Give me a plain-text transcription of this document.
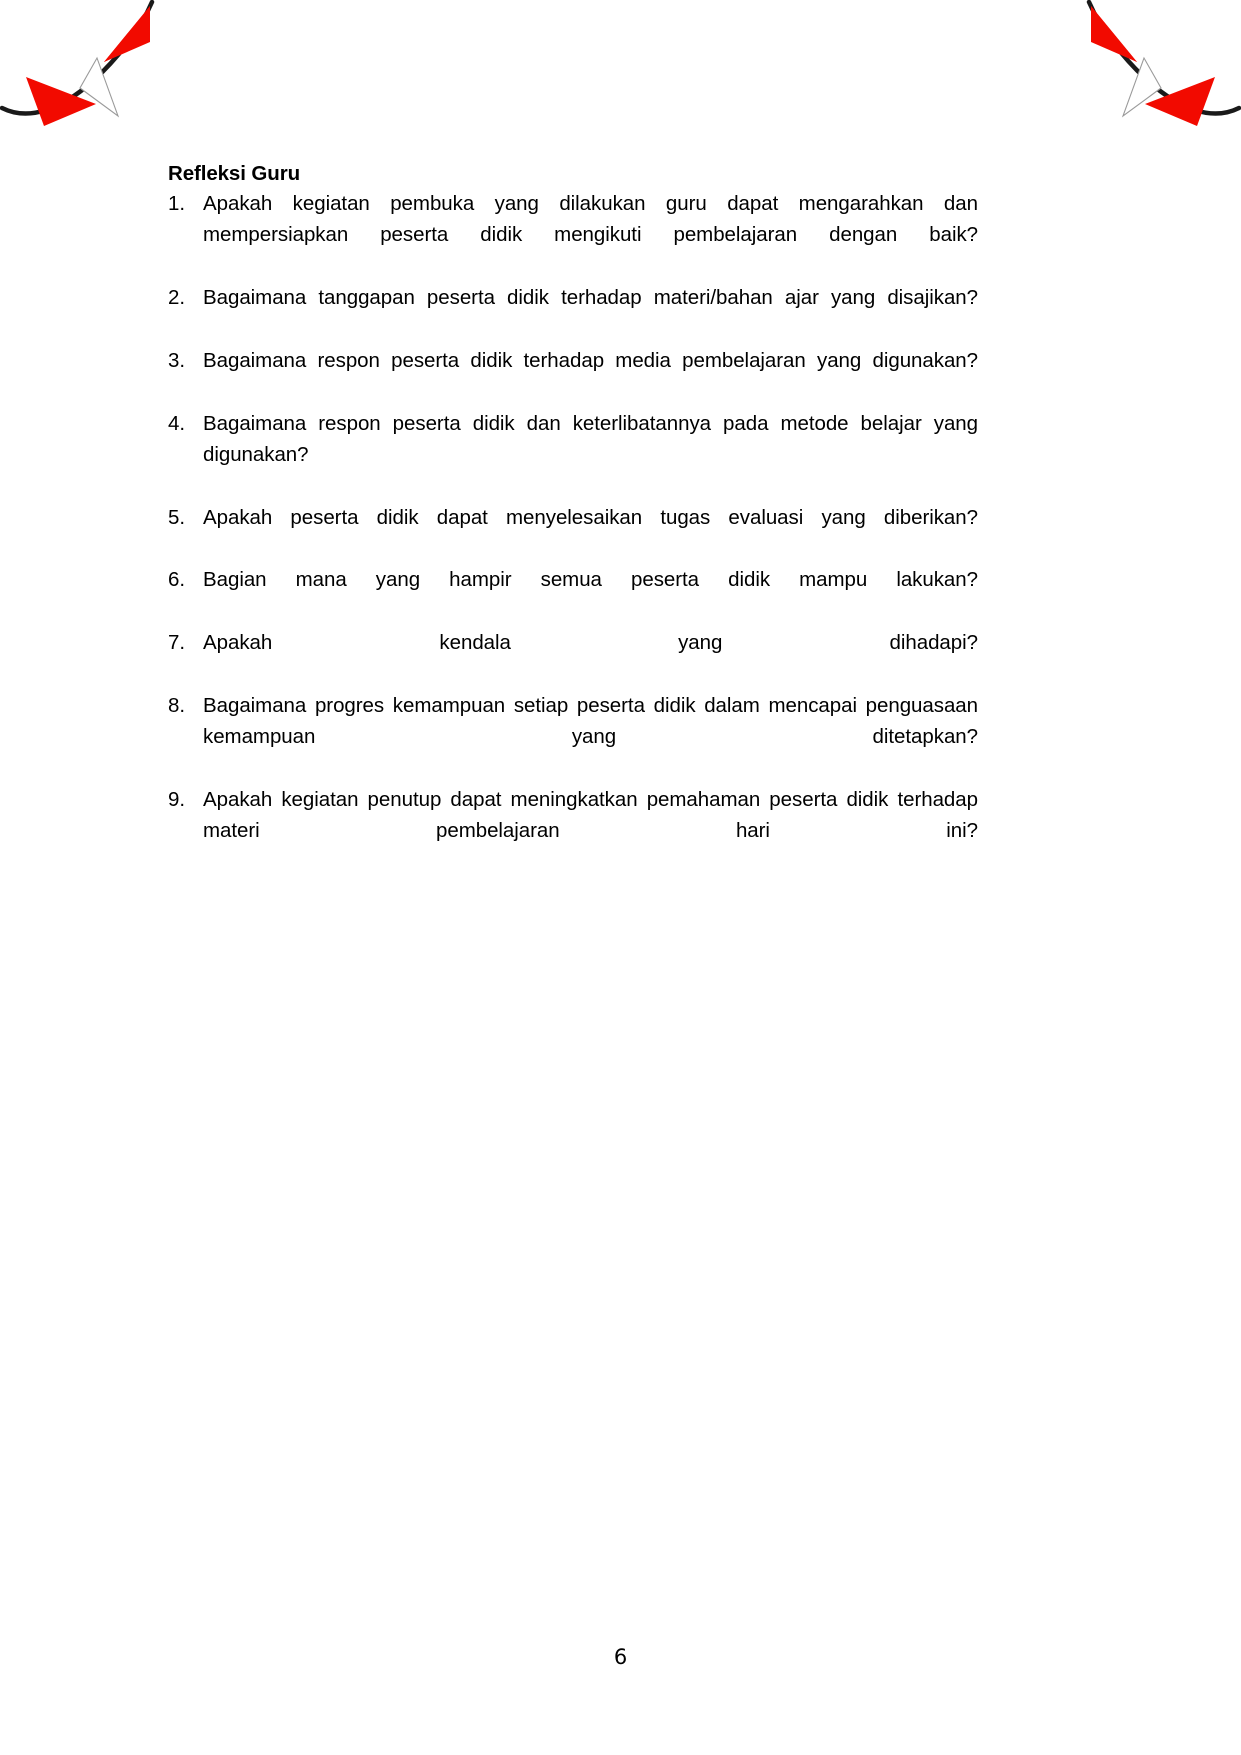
Refleksi Guru

1. Apakah kegiatan pembuka yang dilakukan guru dapat mengarahkan dan mempersiapkan peserta didik mengikuti pembelajaran dengan baik?
2. Bagaimana tanggapan peserta didik terhadap materi/bahan ajar yang disajikan?
3. Bagaimana respon peserta didik terhadap media pembelajaran yang digunakan?
4. Bagaimana respon peserta didik dan keterlibatannya pada metode belajar yang digunakan?
5. Apakah peserta didik dapat menyelesaikan tugas evaluasi yang diberikan?
6. Bagian mana yang hampir semua peserta didik mampu lakukan?
7. Apakah kendala yang dihadapi?
8. Bagaimana progres kemampuan setiap peserta didik dalam mencapai penguasaan kemampuan yang ditetapkan?
9. Apakah kegiatan penutup dapat meningkatkan pemahaman peserta didik terhadap materi pembelajaran hari ini?
6
